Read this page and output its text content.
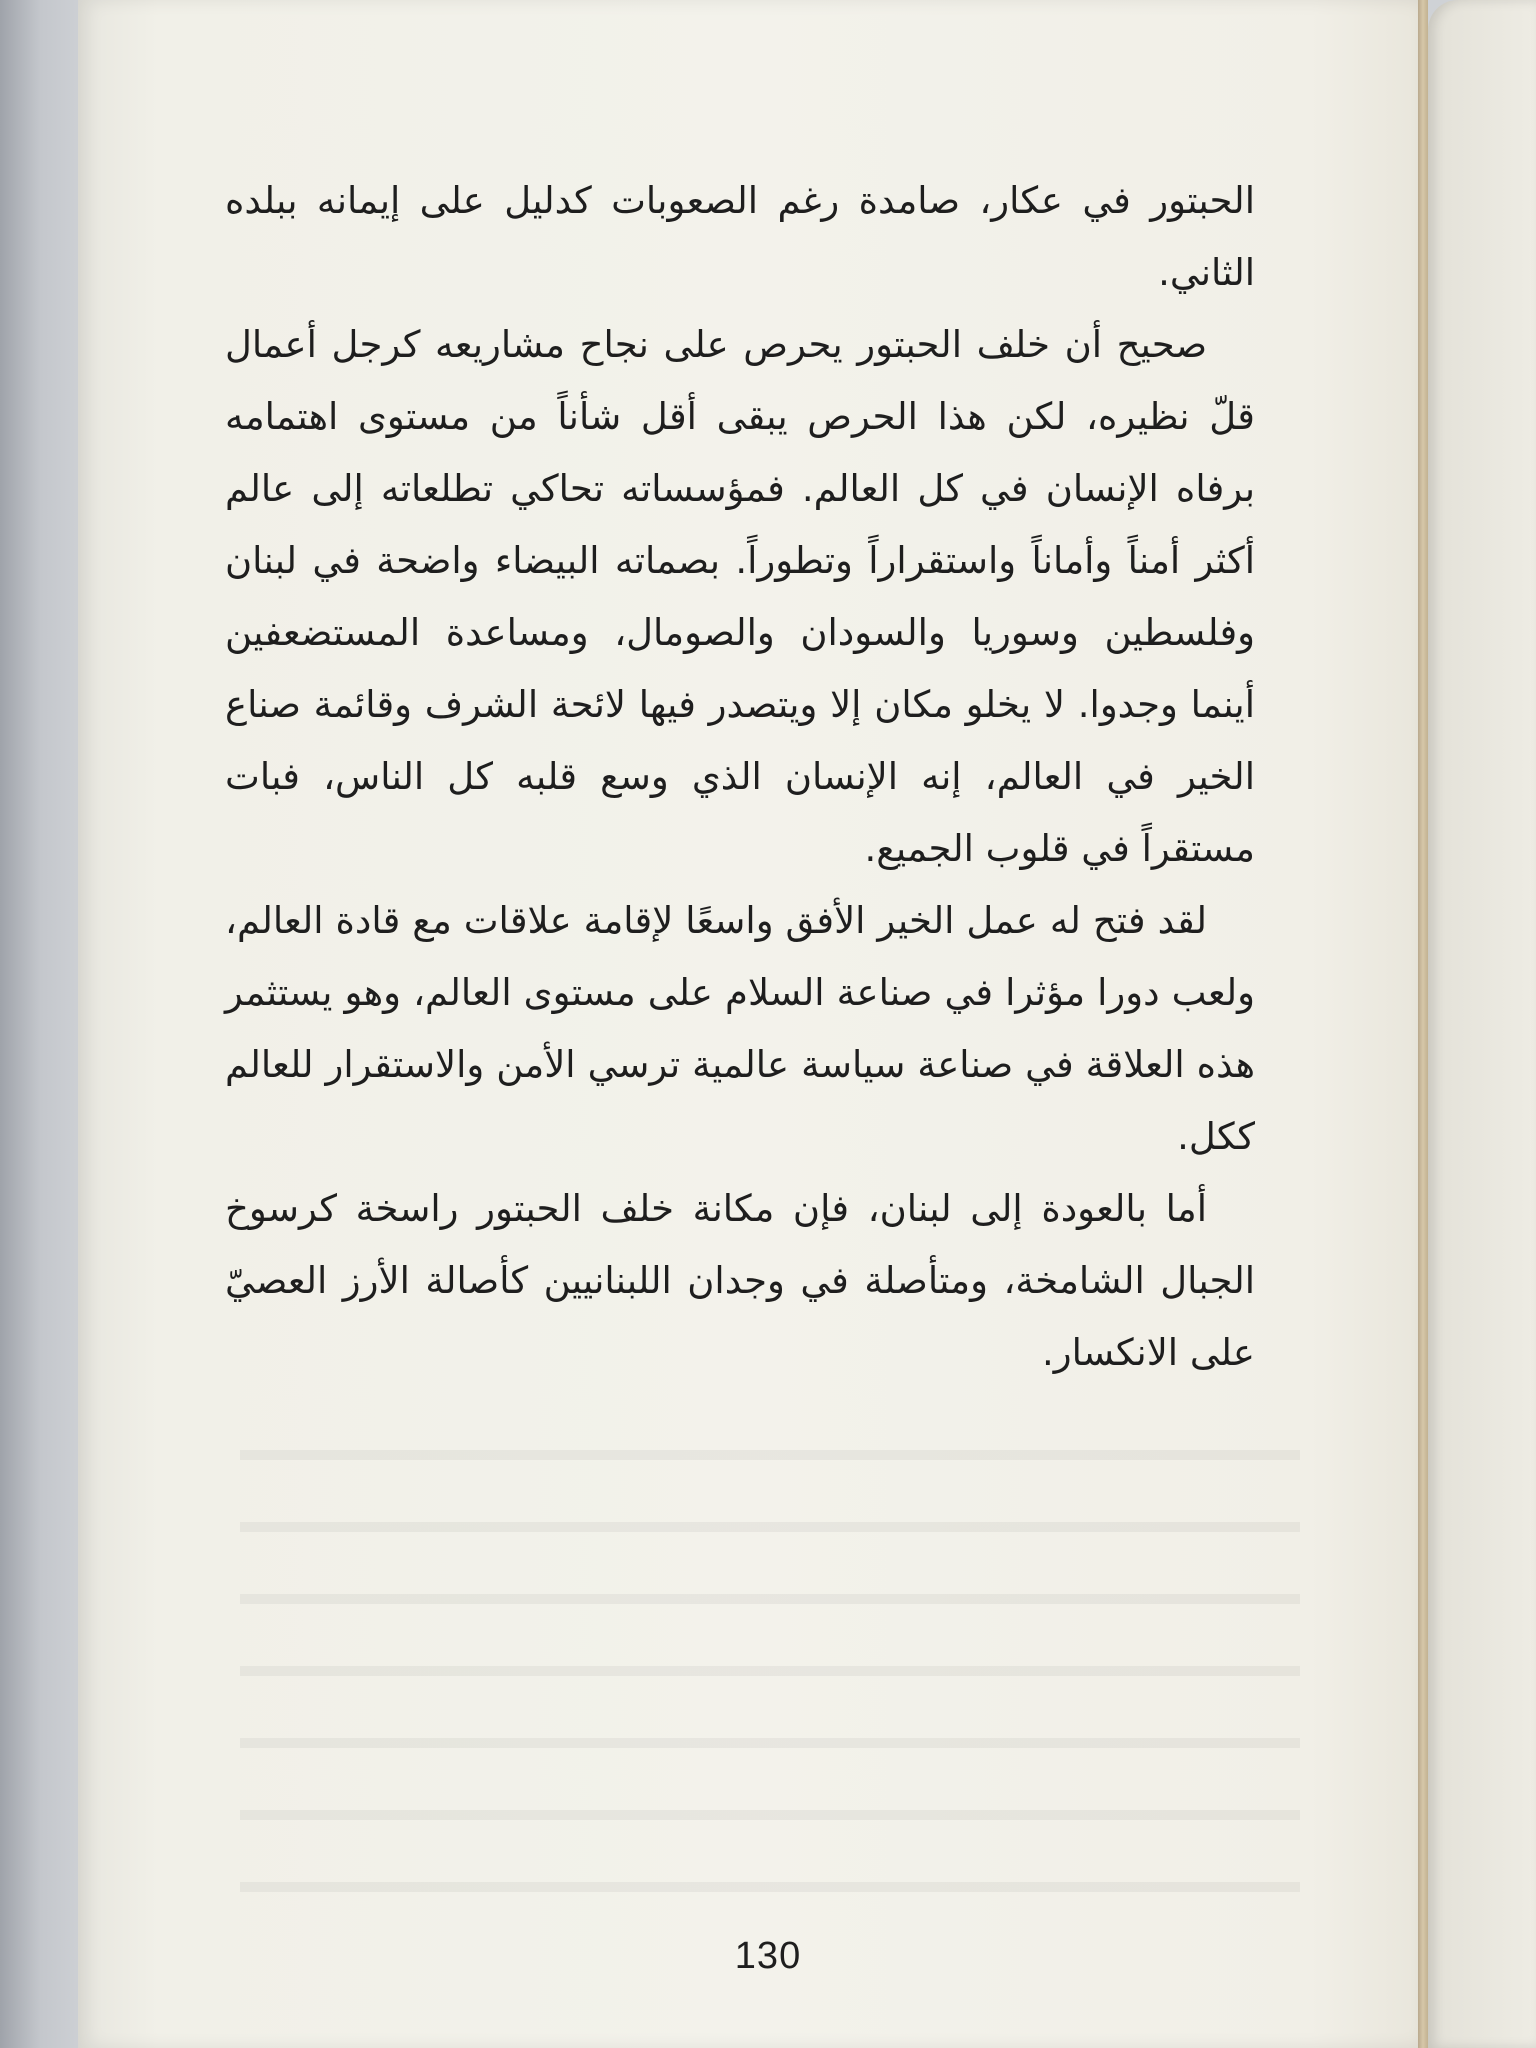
الحبتور في عكار، صامدة رغم الصعوبات كدليل على إيمانه ببلده الثاني.

صحيح أن خلف الحبتور يحرص على نجاح مشاريعه كرجل أعمال قلّ نظيره، لكن هذا الحرص يبقى أقل شأناً من مستوى اهتمامه برفاه الإنسان في كل العالم. فمؤسساته تحاكي تطلعاته إلى عالم أكثر أمناً وأماناً واستقراراً وتطوراً. بصماته البيضاء واضحة في لبنان وفلسطين وسوريا والسودان والصومال، ومساعدة المستضعفين أينما وجدوا. لا يخلو مكان إلا ويتصدر فيها لائحة الشرف وقائمة صناع الخير في العالم، إنه الإنسان الذي وسع قلبه كل الناس، فبات مستقراً في قلوب الجميع.

لقد فتح له عمل الخير الأفق واسعًا لإقامة علاقات مع قادة العالم، ولعب دورا مؤثرا في صناعة السلام على مستوى العالم، وهو يستثمر هذه العلاقة في صناعة سياسة عالمية ترسي الأمن والاستقرار للعالم ككل.

أما بالعودة إلى لبنان، فإن مكانة خلف الحبتور راسخة كرسوخ الجبال الشامخة، ومتأصلة في وجدان اللبنانيين كأصالة الأرز العصيّ على الانكسار.

130
